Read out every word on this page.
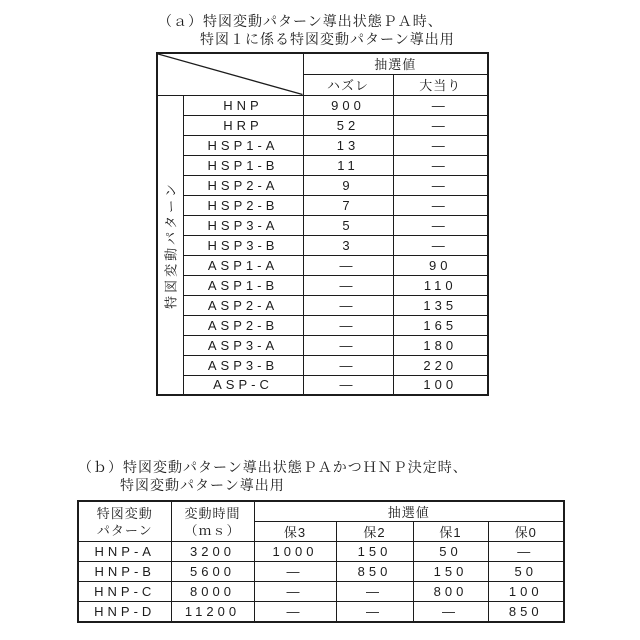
（ａ）特図変動パターン導出状態ＰＡ時、
特図１に係る特図変動パターン導出用
	抽選値	
		ハズレ	大当り

特図変動パターン	HNP	900	—
	HRP	52	—
	HSP1-A	13	—
	HSP1-B	11	—
	HSP2-A	9	—
	HSP2-B	7	—
	HSP3-A	5	—
	HSP3-B	3	—
	ASP1-A	—	90
	ASP1-B	—	110
	ASP2-A	—	135
	ASP2-B	—	165
	ASP3-A	—	180
	ASP3-B	—	220
	ASP-C	—	100
（ｂ）特図変動パターン導出状態ＰＡかつＨＮＰ決定時、
特図変動パターン導出用
特図変動
パターン

変動時間
（ｍｓ）
	抽選値
		保3	保2	保1	保0
HNP-A	3200	1000	150	50	—
HNP-B	5600	—	850	150	50
HNP-C	8000	—	—	800	100
HNP-D	11200	—	—	—	850
